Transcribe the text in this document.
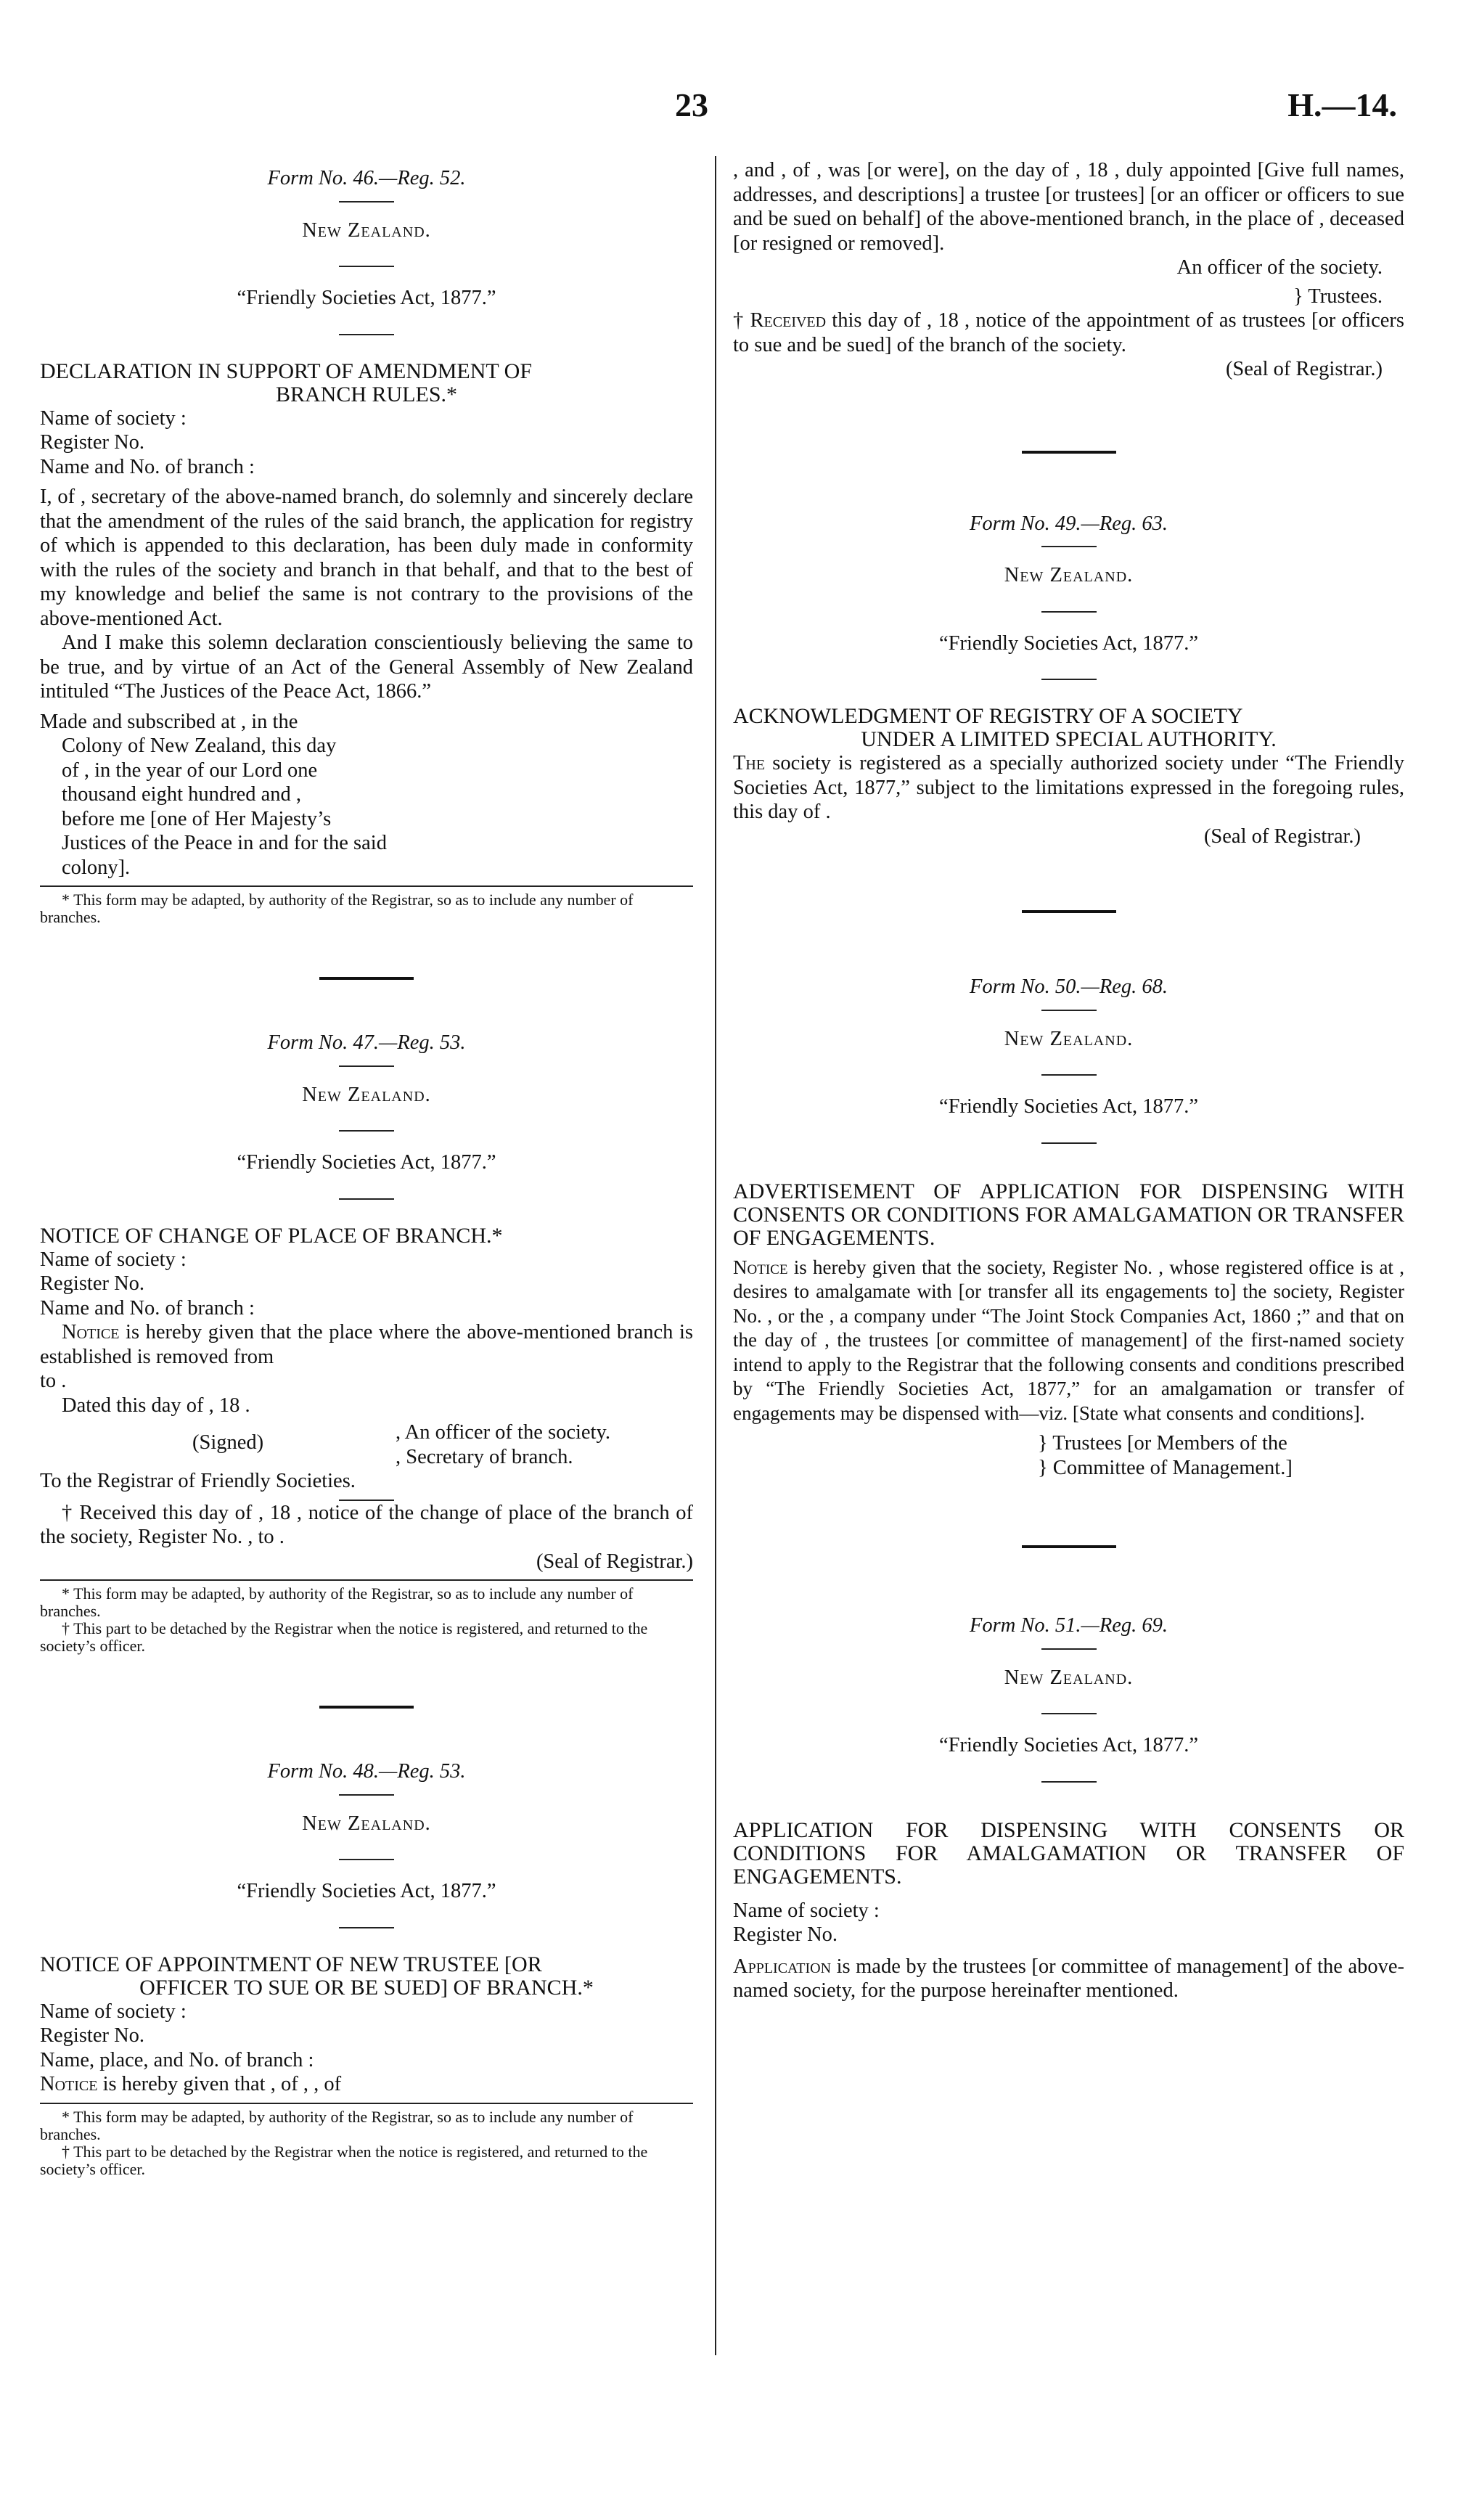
23	H.—14.

Form No. 46.—Reg. 52.

New Zealand.

“Friendly Societies Act, 1877.”

DECLARATION IN SUPPORT OF AMENDMENT OF
BRANCH RULES.*

Name of society :

Register No.

Name and No. of branch :

I, of , secretary of the above-named branch, do solemnly and sincerely declare that the amendment of the rules of the said branch, the application for registry of which is appended to this declaration, has been duly made in conformity with the rules of the society and branch in that behalf, and that to the best of my knowledge and belief the same is not contrary to the provisions of the above-mentioned Act.

And I make this solemn declaration conscientiously believing the same to be true, and by virtue of an Act of the General Assembly of New Zealand intituled “The Justices of the Peace Act, 1866.”

Made and subscribed at , in the

Colony of New Zealand, this day

of , in the year of our Lord one

thousand eight hundred and ,

before me [one of Her Majesty’s

Justices of the Peace in and for the said

colony].

* This form may be adapted, by authority of the Registrar, so as to include any number of branches.

Form No. 47.—Reg. 53.

New Zealand.

“Friendly Societies Act, 1877.”

NOTICE OF CHANGE OF PLACE OF BRANCH.*

Name of society :

Register No.

Name and No. of branch :

Notice is hereby given that the place where the above-mentioned branch is established is removed from

to .

Dated this day of , 18 .

(Signed)	, An officer of the society.

, Secretary of branch.

To the Registrar of Friendly Societies.

† Received this day of , 18 , notice of the change of place of the branch of the society, Register No. , to .

(Seal of Registrar.)

* This form may be adapted, by authority of the Registrar, so as to include any number of branches.

† This part to be detached by the Registrar when the notice is registered, and returned to the society’s officer.

Form No. 48.—Reg. 53.

New Zealand.

“Friendly Societies Act, 1877.”

NOTICE OF APPOINTMENT OF NEW TRUSTEE [OR
OFFICER TO SUE OR BE SUED] OF BRANCH.*

Name of society :

Register No.

Name, place, and No. of branch :

Notice is hereby given that , of , , of

* This form may be adapted, by authority of the Registrar, so as to include any number of branches.

† This part to be detached by the Registrar when the notice is registered, and returned to the society’s officer.

, and , of , was [or were], on the day of , 18 , duly appointed [Give full names, addresses, and descriptions] a trustee [or trustees] [or an officer or officers to sue and be sued on behalf] of the above-mentioned branch, in the place of , deceased [or resigned or removed].

An officer of the society.

} Trustees.

† Received this day of , 18 , notice of the appointment of as trustees [or officers to sue and be sued] of the branch of the society.

(Seal of Registrar.)

Form No. 49.—Reg. 63.

New Zealand.

“Friendly Societies Act, 1877.”

ACKNOWLEDGMENT OF REGISTRY OF A SOCIETY
UNDER A LIMITED SPECIAL AUTHORITY.

The society is registered as a specially authorized society under “The Friendly Societies Act, 1877,” subject to the limitations expressed in the foregoing rules, this day of .

(Seal of Registrar.)

Form No. 50.—Reg. 68.

New Zealand.

“Friendly Societies Act, 1877.”

ADVERTISEMENT OF APPLICATION FOR DISPENSING WITH CONSENTS OR CONDITIONS FOR AMALGAMATION OR TRANSFER OF ENGAGEMENTS.

Notice is hereby given that the society, Register No. , whose registered office is at , desires to amalgamate with [or transfer all its engagements to] the society, Register No. , or the , a company under “The Joint Stock Companies Act, 1860 ;” and that on the day of , the trustees [or committee of management] of the first-named society intend to apply to the Registrar that the following consents and conditions prescribed by “The Friendly Societies Act, 1877,” for an amalgamation or transfer of engagements may be dispensed with—viz. [State what consents and conditions].

} Trustees [or Members of the

} Committee of Management.]

Form No. 51.—Reg. 69.

New Zealand.

“Friendly Societies Act, 1877.”

APPLICATION FOR DISPENSING WITH CONSENTS OR CONDITIONS FOR AMALGAMATION OR TRANSFER OF ENGAGEMENTS.

Name of society :

Register No.

Application is made by the trustees [or committee of management] of the above-named society, for the purpose hereinafter mentioned.
